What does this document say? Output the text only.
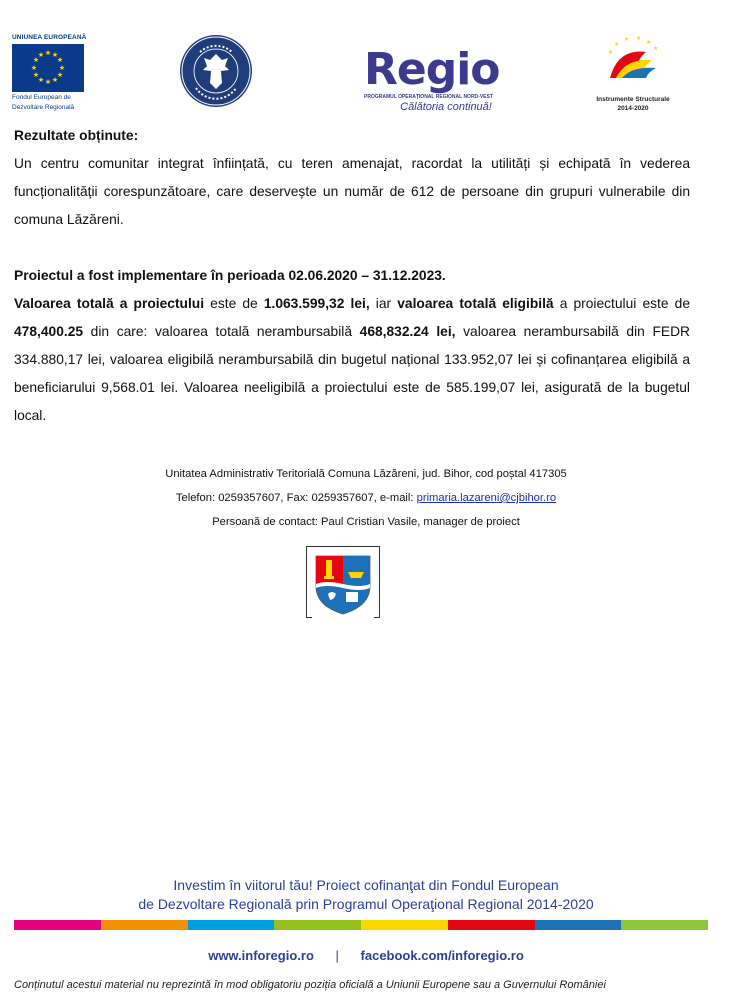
UNIUNEA EUROPEANĂ
★ ★
★
★
★
★
★
★
★
★
★
★
Fondul European de
Dezvoltare Regională
Regio
PROGRAMUL OPERAȚIONAL REGIONAL NORD-VEST
Călătoria continuă!
★
★ ★
★
★
★
Instrumente Structurale
2014-2020
Rezultate obținute:
Un centru comunitar integrat înființată, cu teren amenajat, racordat la utilități și echipată în vederea funcționalității corespunzătoare, care deservește un număr de 612 de persoane din grupuri vulnerabile din comuna Lăzăreni.
Proiectul a fost implementare în perioada 02.06.2020 – 31.12.2023.
Valoarea totală a proiectului este de 1.063.599,32 lei, iar valoarea totală eligibilă a proiectului este de 478,400.25 din care: valoarea totală nerambursabilă 468,832.24 lei, valoarea nerambursabilă din FEDR 334.880,17 lei, valoarea eligibilă nerambursabilă din bugetul național 133.952,07 lei și cofinanțarea eligibilă a beneficiarului 9,568.01 lei. Valoarea neeligibilă a proiectului este de 585.199,07 lei, asigurată de la bugetul local.
Unitatea Administrativ Teritorială Comuna Lăzăreni, jud. Bihor, cod poștal 417305
Telefon: 0259357607, Fax: 0259357607, e-mail: primaria.lazareni@cjbihor.ro
Persoană de contact: Paul Cristian Vasile, manager de proiect
Investim în viitorul tău! Proiect cofinanţat din Fondul European
de Dezvoltare Regională prin Programul Operaţional Regional 2014-2020
www.inforegio.ro | facebook.com/inforegio.ro
Conținutul acestui material nu reprezintă în mod obligatoriu poziția oficială a Uniunii Europene sau a Guvernului României
